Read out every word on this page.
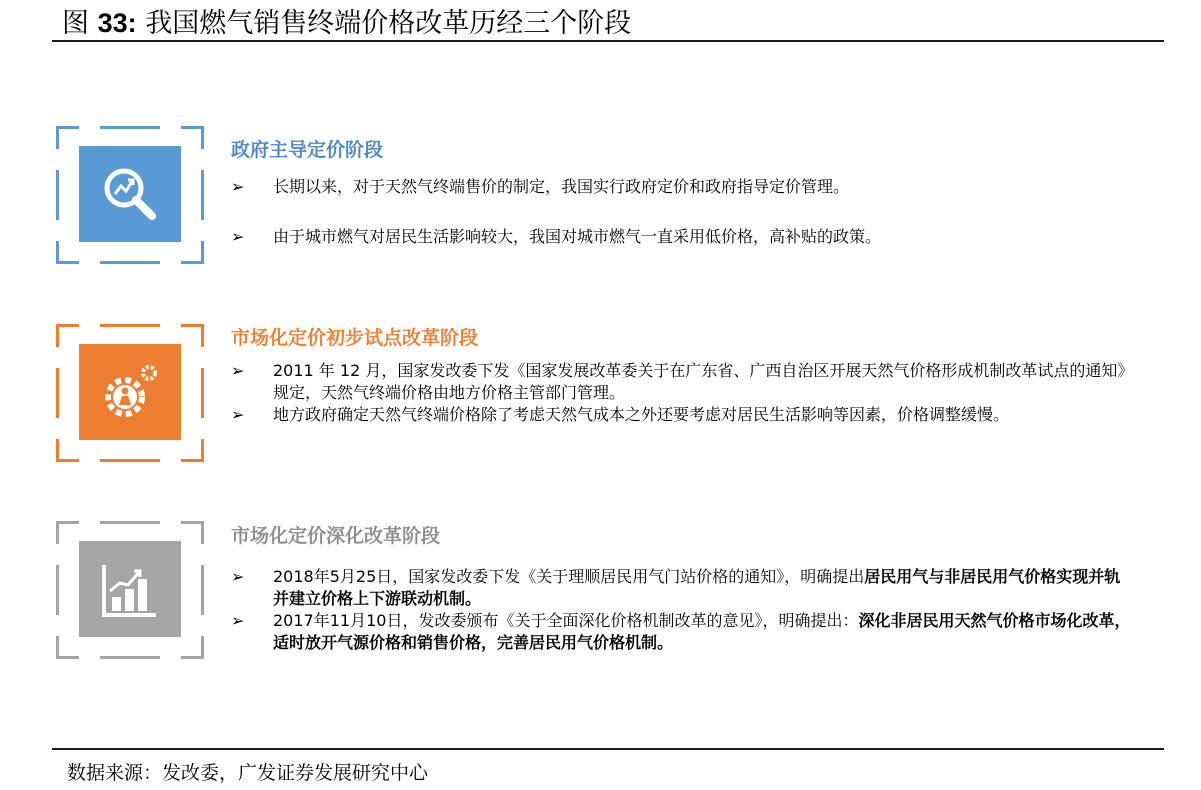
图 33: 我国燃气销售终端价格改革历经三个阶段
政府主导定价阶段
➢ 长期以来，对于天然气终端售价的制定，我国实行政府定价和政府指导定价管理。
➢ 由于城市燃气对居民生活影响较大，我国对城市燃气一直采用低价格，高补贴的政策。
市场化定价初步试点改革阶段
➢ 2011 年 12 月，国家发改委下发《国家发展改革委关于在广东省、广西自治区开展天然气价格形成机制改革试点的通知》规定，天然气终端价格由地方价格主管部门管理。
➢ 地方政府确定天然气终端价格除了考虑天然气成本之外还要考虑对居民生活影响等因素，价格调整缓慢。
市场化定价深化改革阶段
➢ 2018年5月25日，国家发改委下发《关于理顺居民用气门站价格的通知》，明确提出居民用气与非居民用气价格实现并轨并建立价格上下游联动机制。
➢ 2017年11月10日，发改委颁布《关于全面深化价格机制改革的意见》，明确提出：深化非居民用天然气价格市场化改革，适时放开气源价格和销售价格，完善居民用气价格机制。
数据来源：发改委，广发证券发展研究中心
